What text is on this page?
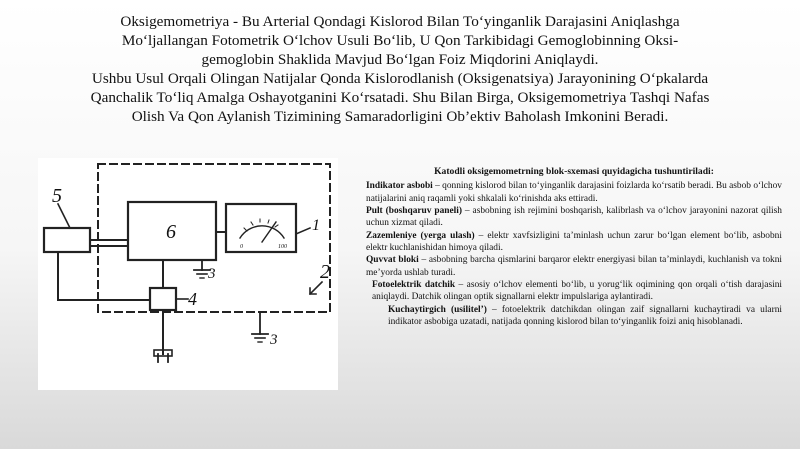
Oksigemometriya - Bu Arterial Qondagi Kislorod Bilan To‘yinganlik Darajasini Aniqlashga

Mo‘ljallangan Fotometrik O‘lchov Usuli Bo‘lib, U Qon Tarkibidagi Gemoglobinning Oksi-

gemoglobin Shaklida Mavjud Bo‘lgan Foiz Miqdorini Aniqlaydi.

Ushbu Usul Orqali Olingan Natijalar Qonda Kislorodlanish (Oksigenatsiya) Jarayonining O‘pkalarda

Qanchalik To‘liq Amalga Oshayotganini Ko‘rsatadi. Shu Bilan Birga, Oksigemometriya Tashqi Nafas

Olish Va Qon Aylanish Tizimining Samaradorligini Ob’ektiv Baholash Imkonini Beradi.

5
6	1
2
3
4
3
0	100

Katodli oksigemometrning blok-sxemasi quyidagicha tushuntiriladi:

Indikator asbobi – qonning kislorod bilan to‘yinganlik darajasini foizlarda ko‘rsatib beradi. Bu asbob o‘lchov natijalarini aniq raqamli yoki shkalali ko‘rinishda aks ettiradi.

Pult (boshqaruv paneli) – asbobning ish rejimini boshqarish, kalibrlash va o‘lchov jarayonini nazorat qilish uchun xizmat qiladi.

Zazemleniye (yerga ulash) – elektr xavfsizligini ta’minlash uchun zarur bo‘lgan element bo‘lib, asbobni elektr kuchlanishidan himoya qiladi.

Quvvat bloki – asbobning barcha qismlarini barqaror elektr energiyasi bilan ta’minlaydi, kuchlanish va tokni me’yorda ushlab turadi.

Fotoelektrik datchik – asosiy o‘lchov elementi bo‘lib, u yorug‘lik oqimining qon orqali o‘tish darajasini aniqlaydi. Datchik olingan optik signallarni elektr impulslariga aylantiradi.

Kuchaytirgich (usilitel’) – fotoelektrik datchikdan olingan zaif signallarni kuchaytiradi va ularni indikator asbobiga uzatadi, natijada qonning kislorod bilan to‘yinganlik foizi aniq hisoblanadi.
